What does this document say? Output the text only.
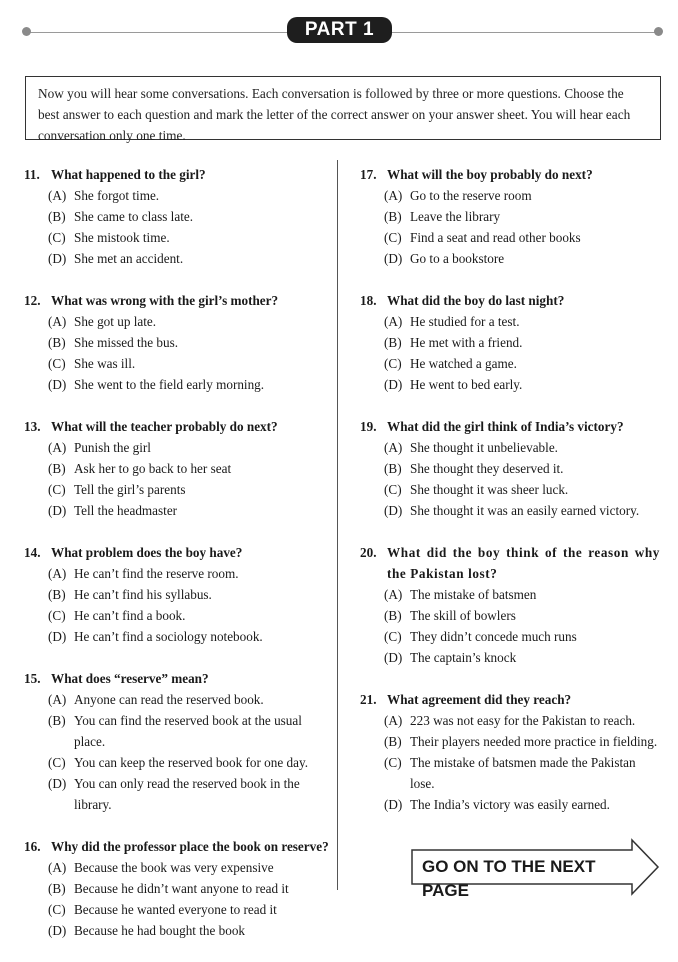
PART 1
Now you will hear some conversations. Each conversation is followed by three or more questions. Choose the best answer to each question and mark the letter of the correct answer on your answer sheet. You will hear each conversation only one time.
11. What happened to the girl?
(A) She forgot time.
(B) She came to class late.
(C) She mistook time.
(D) She met an accident.
12. What was wrong with the girl’s mother?
(A) She got up late.
(B) She missed the bus.
(C) She was ill.
(D) She went to the field early morning.
13. What will the teacher probably do next?
(A) Punish the girl
(B) Ask her to go back to her seat
(C) Tell the girl’s parents
(D) Tell the headmaster
14. What problem does the boy have?
(A) He can’t find the reserve room.
(B) He can’t find his syllabus.
(C) He can’t find a book.
(D) He can’t find a sociology notebook.
15. What does “reserve” mean?
(A) Anyone can read the reserved book.
(B) You can find the reserved book at the usual place.
(C) You can keep the reserved book for one day.
(D) You can only read the reserved book in the library.
16. Why did the professor place the book on reserve?
(A) Because the book was very expensive
(B) Because he didn’t want anyone to read it
(C) Because he wanted everyone to read it
(D) Because he had bought the book
17. What will the boy probably do next?
(A) Go to the reserve room
(B) Leave the library
(C) Find a seat and read other books
(D) Go to a bookstore
18. What did the boy do last night?
(A) He studied for a test.
(B) He met with a friend.
(C) He watched a game.
(D) He went to bed early.
19. What did the girl think of India’s victory?
(A) She thought it unbelievable.
(B) She thought they deserved it.
(C) She thought it was sheer luck.
(D) She thought it was an easily earned victory.
20. What did the boy think of the reason why the Pakistan lost?
(A) The mistake of batsmen
(B) The skill of bowlers
(C) They didn’t concede much runs
(D) The captain’s knock
21. What agreement did they reach?
(A) 223 was not easy for the Pakistan to reach.
(B) Their players needed more practice in fielding.
(C) The mistake of batsmen made the Pakistan lose.
(D) The India’s victory was easily earned.
GO ON TO THE NEXT PAGE
